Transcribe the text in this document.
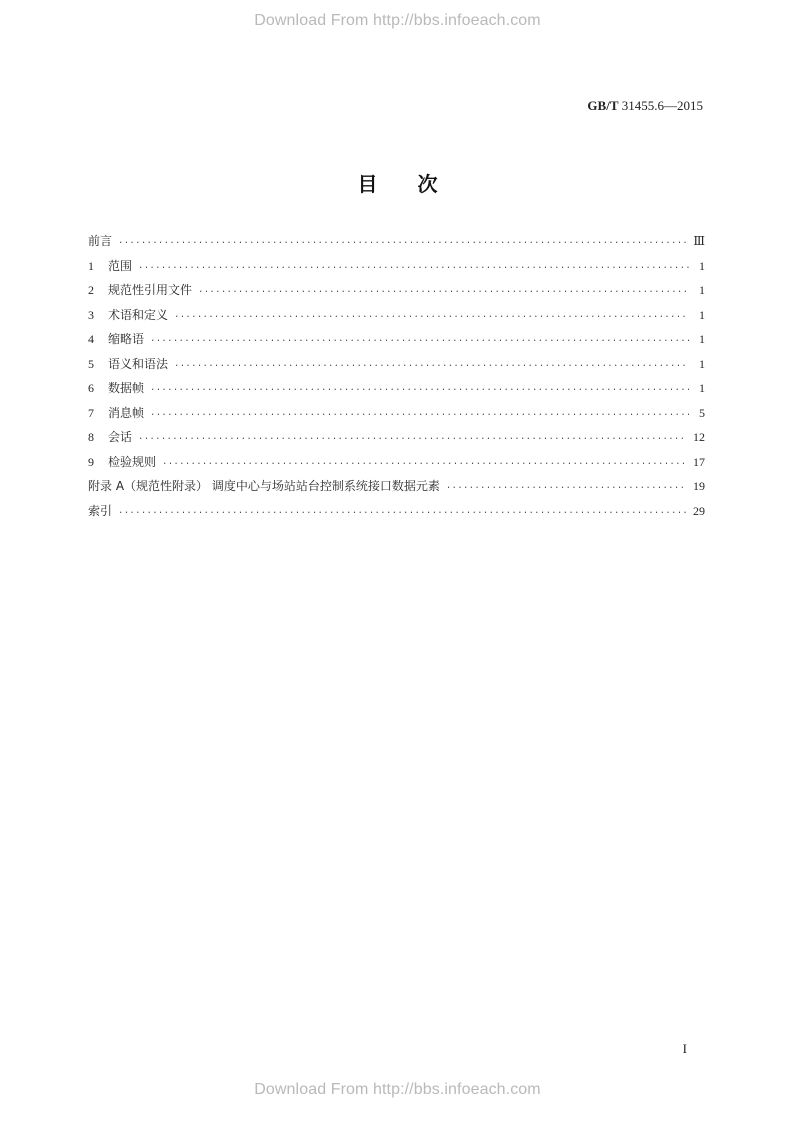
Download From http://bbs.infoeach.com
GB/T 31455.6—2015
目次
前言 ·····	Ⅲ
1	范围 ·····	1
2	规范性引用文件 ·····	1
3	术语和定义 ·····	1
4	缩略语 ·····	1
5	语义和语法 ·····	1
6	数据帧 ·····	1
7	消息帧 ·····	5
8	会话 ·····	12
9	检验规则 ·····	17
附录 A（规范性附录） 调度中心与场站站台控制系统接口数据元素 ·····	19
索引 ·····	29
I
Download From http://bbs.infoeach.com
